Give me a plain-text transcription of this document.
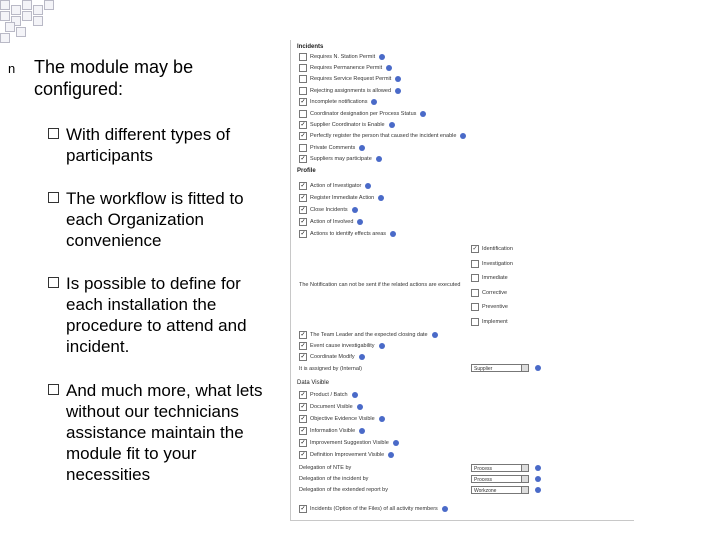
n The module may be configured:
With different types of participants
The workflow is fitted to each Organization convenience
Is possible to define for each installation the procedure to attend and incident.
And much more, what lets without our technicians assistance maintain the module fit to your necessities
Incidents
Requires N. Station Permit
Requires Permanence Permit
Requires Service Request Permit
Rejecting assignments is allowed
✓ Incomplete notifications
Coordinator designation per Process Status
✓ Supplier Coordinator is Enable
✓ Perfectly register the person that caused the incident enable
Private Comments
✓ Suppliers may participate
Profile
✓ Action of Investigator
✓ Register Immediate Action
✓ Close Incidents
✓ Action of Involved
✓ Actions to identify effects areas
The Notification can not be sent if the related actions are executed
✓ Identification
Investigation
Immediate
Corrective
Preventive
Implement
✓ The Team Leader and the expected closing date
✓ Event cause investigability
✓ Coordinate Modify
It is assigned by (Internal)	Supplier
Data Visible
✓ Product / Batch
✓ Document Visible
✓ Objective Evidence Visible
✓ Information Visible
✓ Improvement Suggestion Visible
✓ Definition Improvement Visible
Delegation of NTE by	Process
Delegation of the incident by	Process
Delegation of the extended report by	Workzone
✓ Incidents (Option of the Files) of all activity members
